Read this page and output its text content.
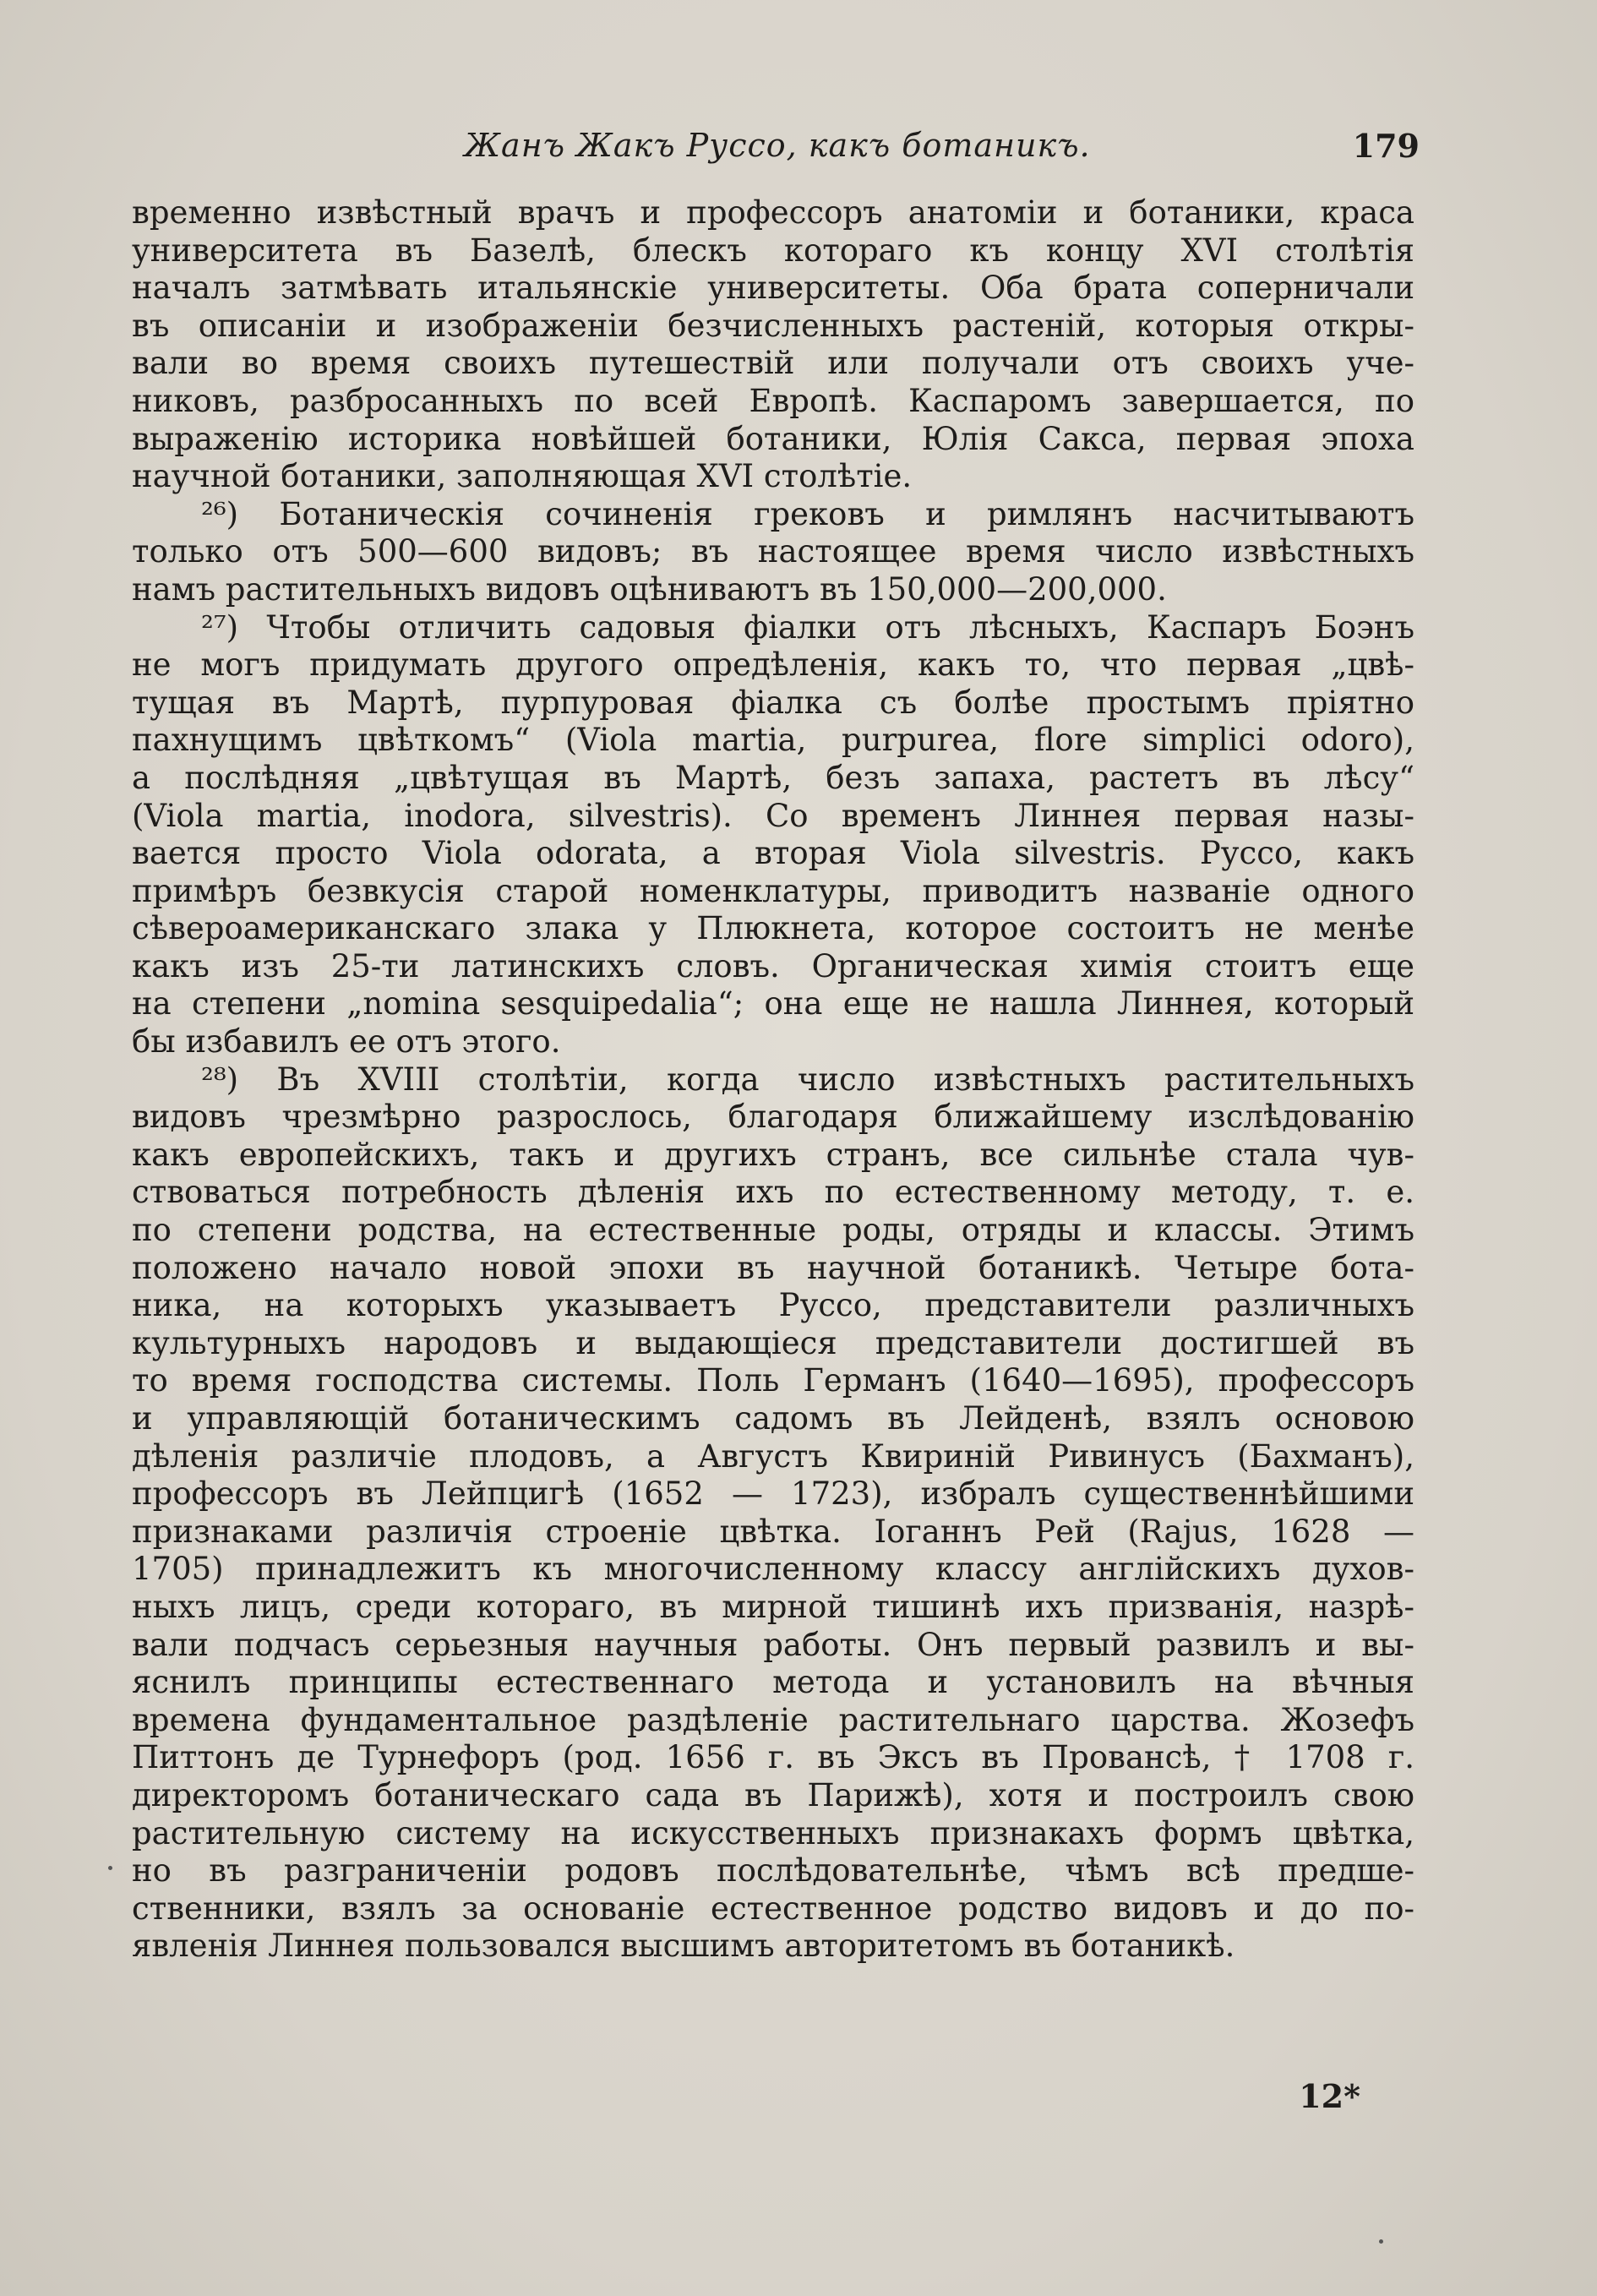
Жанъ Жакъ Руссо, какъ ботаникъ.	179
временно извѣстный врачъ и профессоръ анатоміи и ботаники, краса
университета въ Базелѣ, блескъ котораго къ концу XVI столѣтія
началъ затмѣвать итальянскіе университеты. Оба брата соперничали
въ описаніи и изображеніи безчисленныхъ растеній, которыя откры-
вали во время своихъ путешествій или получали отъ своихъ уче-
никовъ, разбросанныхъ по всей Европѣ. Каспаромъ завершается, по
выраженію историка новѣйшей ботаники, Юлія Сакса, первая эпоха
научной ботаники, заполняющая XVI столѣтіе.
²⁶) Ботаническія сочиненія грековъ и римлянъ насчитываютъ
только отъ 500—600 видовъ; въ настоящее время число извѣстныхъ
намъ растительныхъ видовъ оцѣниваютъ въ 150,000—200,000.
²⁷) Чтобы отличить садовыя фіалки отъ лѣсныхъ, Каспаръ Боэнъ
не могъ придумать другого опредѣленія, какъ то, что первая „цвѣ-
тущая въ Мартѣ, пурпуровая фіалка съ болѣе простымъ пріятно
пахнущимъ цвѣткомъ“ (Viola martia, purpurea, flore simplici odoro),
а послѣдняя „цвѣтущая въ Мартѣ, безъ запаха, растетъ въ лѣсу“
(Viola martia, inodora, silvestris). Со временъ Линнея первая назы-
вается просто Viola odorata, а вторая Viola silvestris. Руссо, какъ
примѣръ безвкусія старой номенклатуры, приводитъ названіе одного
сѣвероамериканскаго злака у Плюкнета, которое состоитъ не менѣе
какъ изъ 25-ти латинскихъ словъ. Органическая химія стоитъ еще
на степени „nomina sesquipedalia“; она еще не нашла Линнея, который
бы избавилъ ее отъ этого.
²⁸) Въ XVIII столѣтіи, когда число извѣстныхъ растительныхъ
видовъ чрезмѣрно разрослось, благодаря ближайшему изслѣдованію
какъ европейскихъ, такъ и другихъ странъ, все сильнѣе стала чув-
ствоваться потребность дѣленія ихъ по естественному методу, т. е.
по степени родства, на естественные роды, отряды и классы. Этимъ
положено начало новой эпохи въ научной ботаникѣ. Четыре бота-
ника, на которыхъ указываетъ Руссо, представители различныхъ
культурныхъ народовъ и выдающіеся представители достигшей въ
то время господства системы. Поль Германъ (1640—1695), профессоръ
и управляющій ботаническимъ садомъ въ Лейденѣ, взялъ основою
дѣленія различіе плодовъ, а Августъ Квириній Ривинусъ (Бахманъ),
профессоръ въ Лейпцигѣ (1652 — 1723), избралъ существеннѣйшими
признаками различія строеніе цвѣтка. Іоганнъ Рей (Rajus, 1628 —
1705) принадлежитъ къ многочисленному классу англійскихъ духов-
ныхъ лицъ, среди котораго, въ мирной тишинѣ ихъ призванія, назрѣ-
вали подчасъ серьезныя научныя работы. Онъ первый развилъ и вы-
яснилъ принципы естественнаго метода и установилъ на вѣчныя
времена фундаментальное раздѣленіе растительнаго царства. Жозефъ
Питтонъ де Турнефоръ (род. 1656 г. въ Эксъ въ Провансѣ, † 1708 г.
директоромъ ботаническаго сада въ Парижѣ), хотя и построилъ свою
растительную систему на искусственныхъ признакахъ формъ цвѣтка,
но въ разграниченіи родовъ послѣдовательнѣе, чѣмъ всѣ предше-
ственники, взялъ за основаніе естественное родство видовъ и до по-
явленія Линнея пользовался высшимъ авторитетомъ въ ботаникѣ.
12*
